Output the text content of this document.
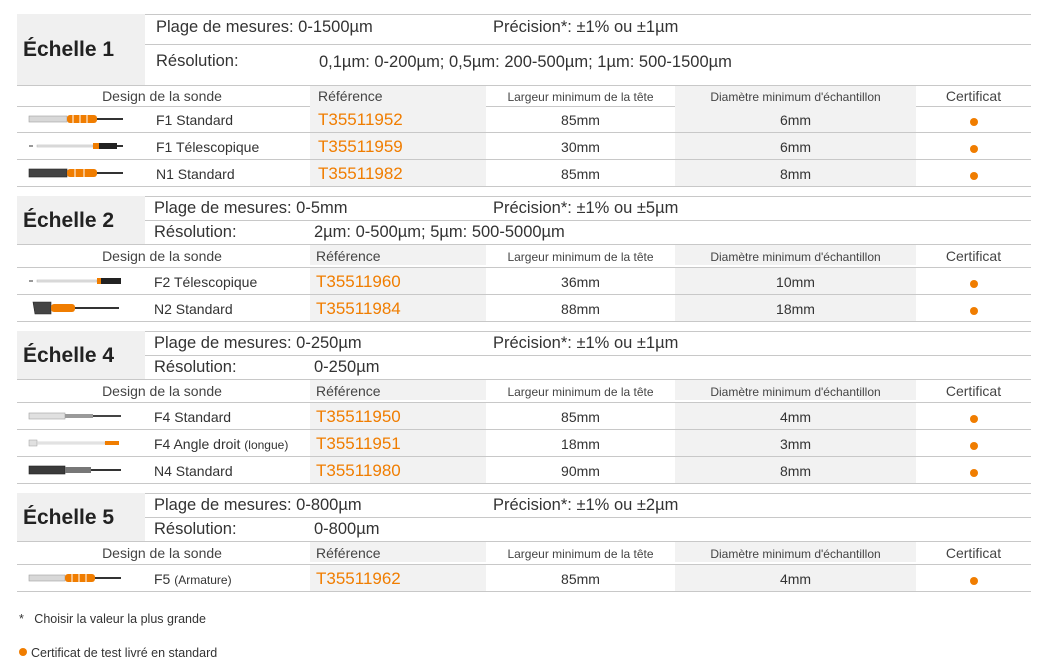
Échelle 1
Plage de mesures: 0-1500µm	Précision*: ±1% ou ±1µm
Résolution:	0,1µm: 0-200µm; 0,5µm: 200-500µm; 1µm: 500-1500µm
Design de la sonde	Référence	Largeur minimum de la tête	Diamètre minimum d'échantillon	Certificat
F1 Standard	T35511952	85mm	6mm
F1 Télescopique	T35511959	30mm	6mm
N1 Standard	T35511982	85mm	8mm
Échelle 2
Plage de mesures: 0-5mm	Précision*: ±1% ou ±5µm
Résolution:	2µm: 0-500µm; 5µm: 500-5000µm
Design de la sonde	Référence	Largeur minimum de la tête	Diamètre minimum d'échantillon	Certificat
F2 Télescopique	T35511960	36mm	10mm
N2 Standard	T35511984	88mm	18mm
Échelle 4
Plage de mesures: 0-250µm	Précision*: ±1% ou ±1µm
Résolution:	0-250µm
Design de la sonde	Référence	Largeur minimum de la tête	Diamètre minimum d'échantillon	Certificat
F4 Standard	T35511950	85mm	4mm
F4 Angle droit (longue) T35511951	18mm	3mm
N4 Standard	T35511980	90mm	8mm
Échelle 5
Plage de mesures: 0-800µm	Précision*: ±1% ou ±2µm
Résolution:	0-800µm
Design de la sonde	Référence	Largeur minimum de la tête	Diamètre minimum d'échantillon	Certificat
F5 (Armature)	T35511962	85mm	4mm
* Choisir la valeur la plus grande
Certificat de test livré en standard
